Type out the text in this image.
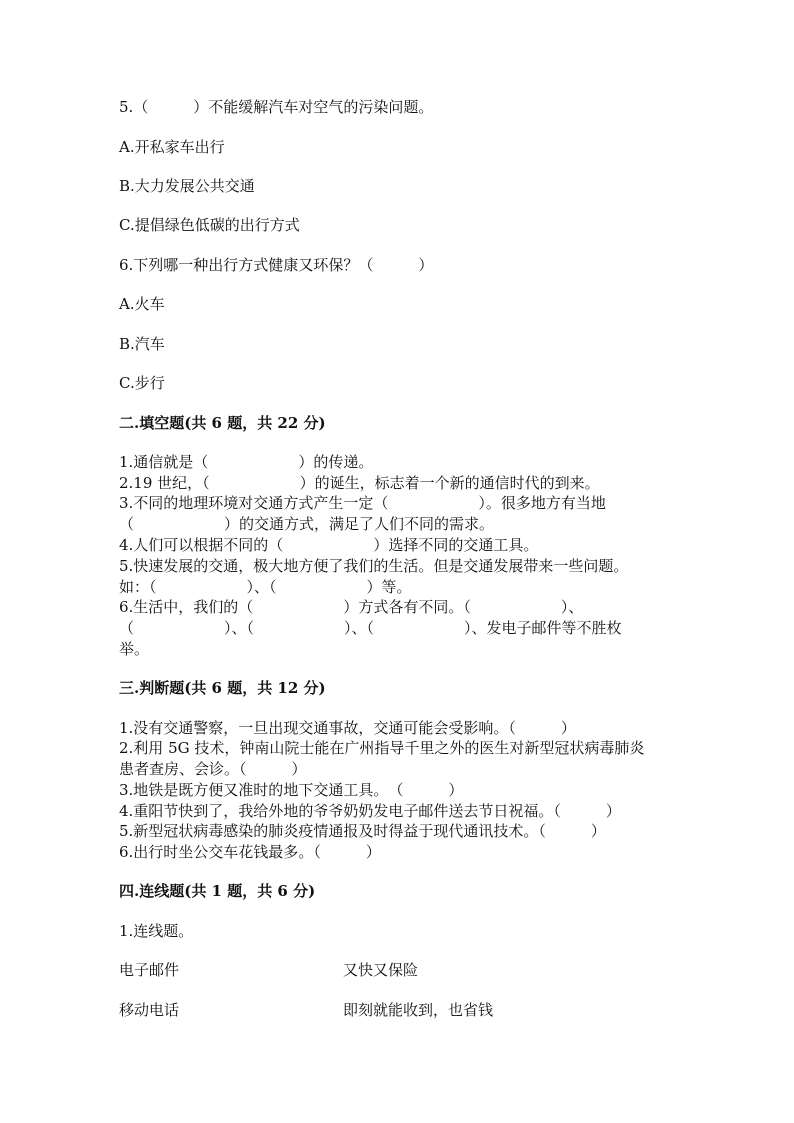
5.（　　　）不能缓解汽车对空气的污染问题。
A.开私家车出行
B.大力发展公共交通
C.提倡绿色低碳的出行方式
6.下列哪一种出行方式健康又环保？（　　　）
A.火车
B.汽车
C.步行
二.填空题(共 6 题，共 22 分)
1.通信就是（　　　　　　）的传递。
2.19 世纪，（　　　　　　）的诞生，标志着一个新的通信时代的到来。
3.不同的地理环境对交通方式产生一定（　　　　　　）。很多地方有当地
（　　　　　　）的交通方式，满足了人们不同的需求。
4.人们可以根据不同的（　　　　　　）选择不同的交通工具。
5.快速发展的交通，极大地方便了我们的生活。但是交通发展带来一些问题。
如：（　　　　　　）、（　　　　　　）等。
6.生活中，我们的（　　　　　　）方式各有不同。（　　　　　　）、
（　　　　　　）、（　　　　　　）、（　　　　　　）、发电子邮件等不胜枚
举。
三.判断题(共 6 题，共 12 分)
1.没有交通警察，一旦出现交通事故，交通可能会受影响。（　　　）
2.利用 5G 技术，钟南山院士能在广州指导千里之外的医生对新型冠状病毒肺炎
患者查房、会诊。（　　　）
3.地铁是既方便又准时的地下交通工具。　（　　　）
4.重阳节快到了，我给外地的爷爷奶奶发电子邮件送去节日祝福。（　　　）
5.新型冠状病毒感染的肺炎疫情通报及时得益于现代通讯技术。（　　　）
6.出行时坐公交车花钱最多。（　　　）
四.连线题(共 1 题，共 6 分)
1.连线题。
电子邮件	又快又保险
移动电话	即刻就能收到，也省钱
